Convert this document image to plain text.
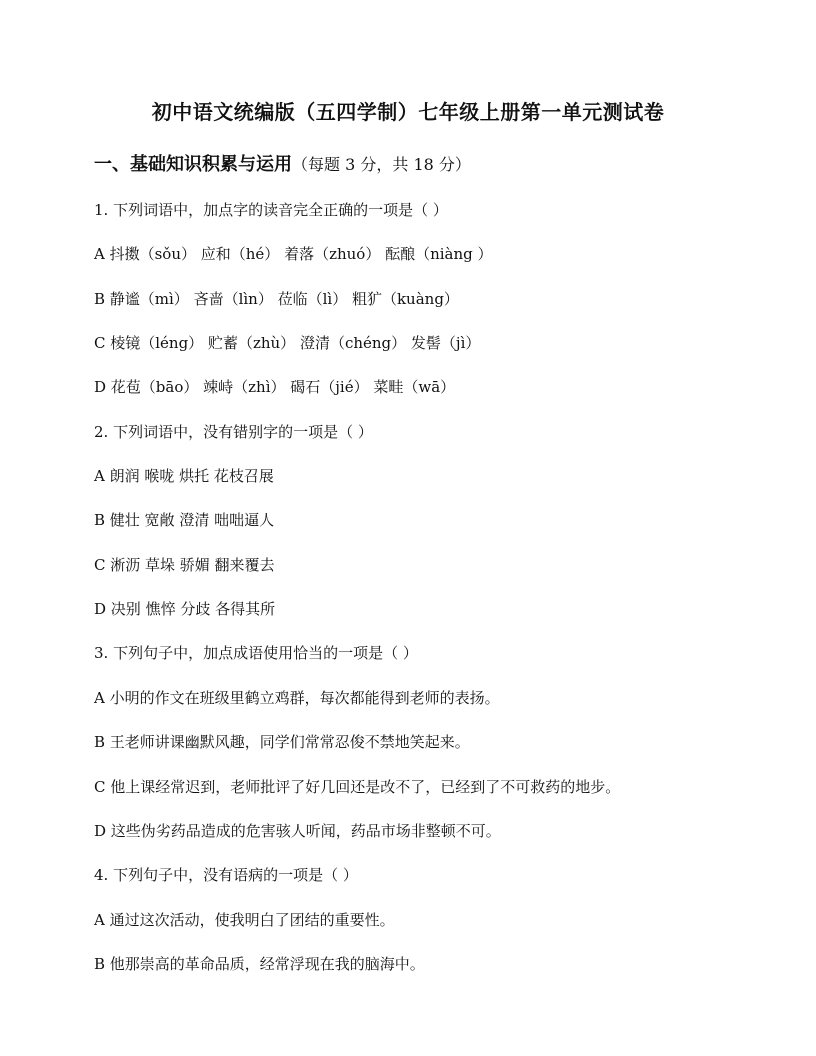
初中语文统编版（五四学制）七年级上册第一单元测试卷
一、基础知识积累与运用（每题 3 分，共 18 分）
1. 下列词语中，加点字的读音完全正确的一项是（ ）
A 抖擞（sǒu） 应和（hé） 着落（zhuó） 酝酿（niàng ）
B 静谧（mì） 吝啬（lìn） 莅临（lì） 粗犷（kuàng）
C 棱镜（léng） 贮蓄（zhù） 澄清（chéng） 发髻（jì）
D 花苞（bāo） 竦峙（zhì） 碣石（jié） 菜畦（wā）
2. 下列词语中，没有错别字的一项是（ ）
A 朗润 喉咙 烘托 花枝召展
B 健壮 宽敞 澄清 咄咄逼人
C 淅沥 草垛 骄媚 翻来覆去
D 决别 憔悴 分歧 各得其所
3. 下列句子中，加点成语使用恰当的一项是（ ）
A 小明的作文在班级里鹤立鸡群，每次都能得到老师的表扬。
B 王老师讲课幽默风趣，同学们常常忍俊不禁地笑起来。
C 他上课经常迟到，老师批评了好几回还是改不了，已经到了不可救药的地步。
D 这些伪劣药品造成的危害骇人听闻，药品市场非整顿不可。
4. 下列句子中，没有语病的一项是（ ）
A 通过这次活动，使我明白了团结的重要性。
B 他那崇高的革命品质，经常浮现在我的脑海中。
